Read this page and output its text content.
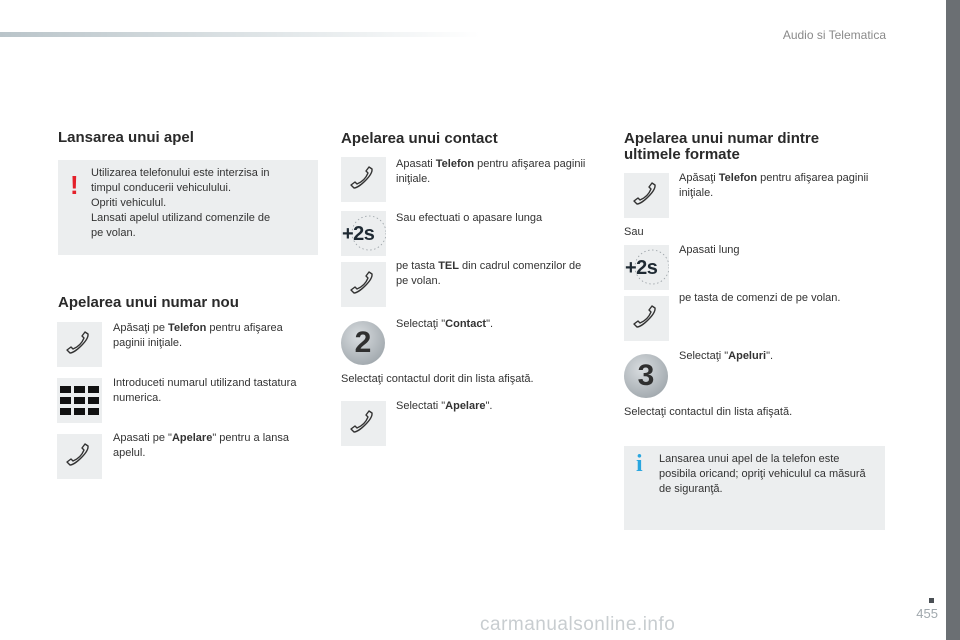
Audio si Telematica
455
carmanualsonline.info
Lansarea unui apel
!	Utilizarea telefonului este interzisa in
timpul conducerii vehiculului.
Opriti vehiculul.
Lansati apelul utilizand comenzile de
pe volan.
Apelarea unui numar nou
Apăsaţi pe Telefon pentru afişarea paginii iniţiale.
Introduceti numarul utilizand tastatura numerica.
Apasati pe "Apelare" pentru a lansa apelul.
Apelarea unui contact
Apasati Telefon pentru afişarea paginii iniţiale.
+2s
Sau efectuati o apasare lunga
pe tasta TEL din cadrul comenzilor de pe volan.
2
Selectaţi "Contact".
Selectaţi contactul dorit din lista afişată.
Selectati "Apelare".
Apelarea unui numar dintre
ultimele formate
Apăsaţi Telefon pentru afişarea paginii iniţiale.
Sau
+2s
Apasati lung
pe tasta de comenzi de pe volan.
3
Selectaţi "Apeluri".
Selectaţi contactul din lista afişată.
i Lansarea unui apel de la telefon este posibila oricand; opriţi vehiculul ca măsură de siguranţă.
